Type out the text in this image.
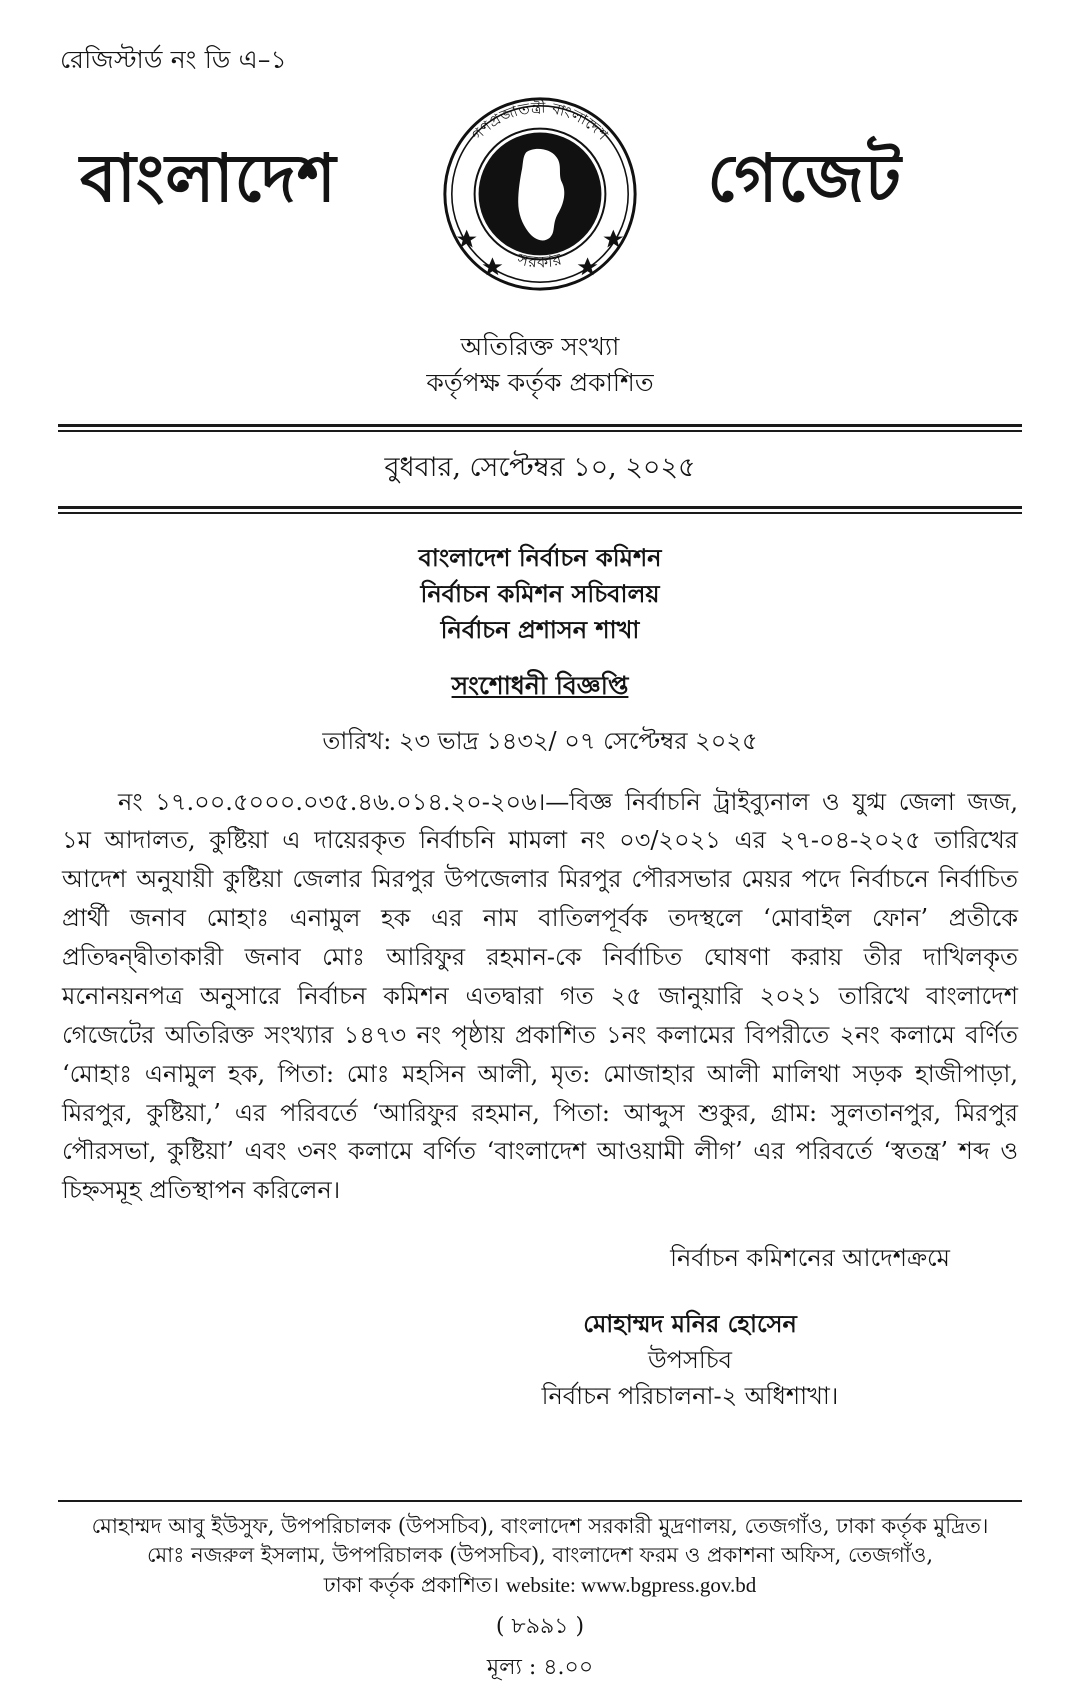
রেজিস্টার্ড নং ডি এ–১
বাংলাদেশ
গণপ্রজাতন্ত্রী বাংলাদেশ
সরকার
গেজেট
অতিরিক্ত সংখ্যা
কর্তৃপক্ষ কর্তৃক প্রকাশিত
বুধবার, সেপ্টেম্বর ১০, ২০২৫
বাংলাদেশ নির্বাচন কমিশন
নির্বাচন কমিশন সচিবালয়
নির্বাচন প্রশাসন শাখা
সংশোধনী বিজ্ঞপ্তি
তারিখ: ২৩ ভাদ্র ১৪৩২/ ০৭ সেপ্টেম্বর ২০২৫
নং ১৭.০০.৫০০০.০৩৫.৪৬.০১৪.২০-২০৬।—বিজ্ঞ নির্বাচনি ট্রাইব্যুনাল ও যুগ্ম জেলা জজ, ১ম আদালত, কুষ্টিয়া এ দায়েরকৃত নির্বাচনি মামলা নং ০৩/২০২১ এর ২৭-০৪-২০২৫ তারিখের আদেশ অনুযায়ী কুষ্টিয়া জেলার মিরপুর উপজেলার মিরপুর পৌরসভার মেয়র পদে নির্বাচনে নির্বাচিত প্রার্থী জনাব মোহাঃ এনামুল হক এর নাম বাতিলপূর্বক তদস্থলে ‘মোবাইল ফোন’ প্রতীকে প্রতিদ্বন্দ্বীতাকারী জনাব মোঃ আরিফুর রহমান-কে নির্বাচিত ঘোষণা করায় তীর দাখিলকৃত মনোনয়নপত্র অনুসারে নির্বাচন কমিশন এতদ্বারা গত ২৫ জানুয়ারি ২০২১ তারিখে বাংলাদেশ গেজেটের অতিরিক্ত সংখ্যার ১৪৭৩ নং পৃষ্ঠায় প্রকাশিত ১নং কলামের বিপরীতে ২নং কলামে বর্ণিত ‘মোহাঃ এনামুল হক, পিতা: মোঃ মহসিন আলী, মৃত: মোজাহার আলী মালিথা সড়ক হাজীপাড়া, মিরপুর, কুষ্টিয়া,’ এর পরিবর্তে ‘আরিফুর রহমান, পিতা: আব্দুস শুকুর, গ্রাম: সুলতানপুর, মিরপুর পৌরসভা, কুষ্টিয়া’ এবং ৩নং কলামে বর্ণিত ‘বাংলাদেশ আওয়ামী লীগ’ এর পরিবর্তে ‘স্বতন্ত্র’ শব্দ ও চিহ্নসমূহ প্রতিস্থাপন করিলেন।
নির্বাচন কমিশনের আদেশক্রমে
মোহাম্মদ মনির হোসেন
উপসচিব
নির্বাচন পরিচালনা-২ অধিশাখা।
মোহাম্মদ আবু ইউসুফ, উপপরিচালক (উপসচিব), বাংলাদেশ সরকারী মুদ্রণালয়, তেজগাঁও, ঢাকা কর্তৃক মুদ্রিত।
মোঃ নজরুল ইসলাম, উপপরিচালক (উপসচিব), বাংলাদেশ ফরম ও প্রকাশনা অফিস, তেজগাঁও,
ঢাকা কর্তৃক প্রকাশিত। website: www.bgpress.gov.bd
( ৮৯৯১ )
মূল্য : ৪.০০
